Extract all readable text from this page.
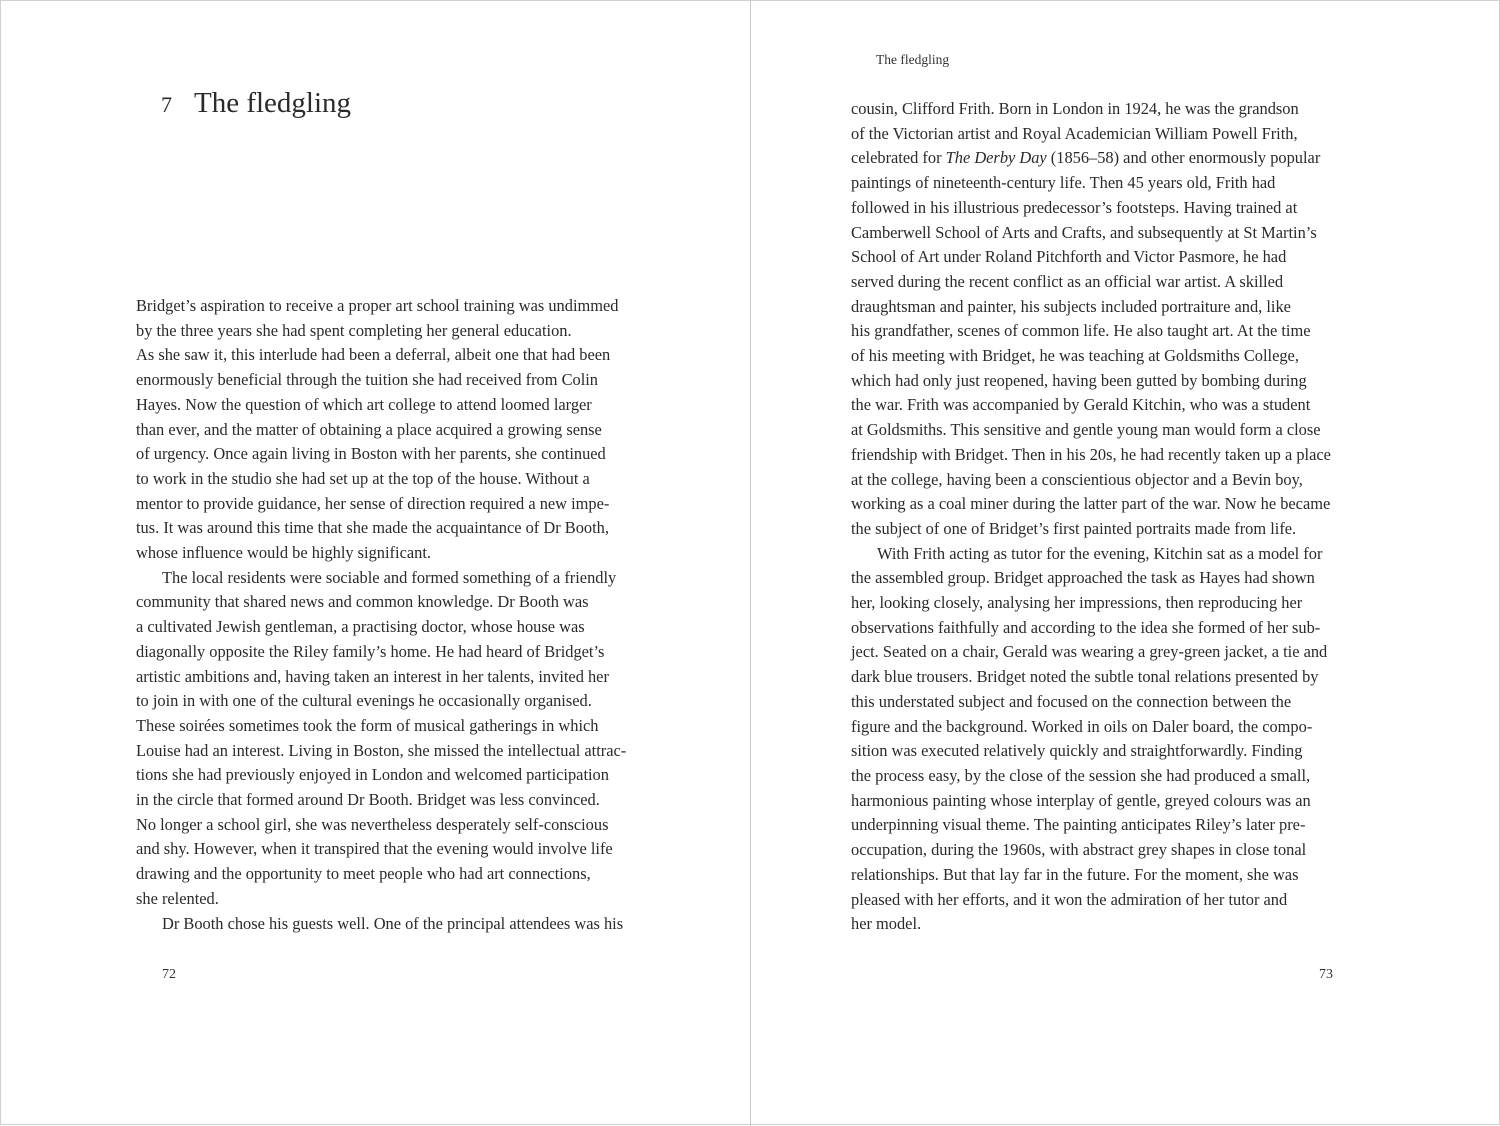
7 The fledgling
Bridget’s aspiration to receive a proper art school training was undimmed
by the three years she had spent completing her general education.
As she saw it, this interlude had been a deferral, albeit one that had been
enormously beneficial through the tuition she had received from Colin
Hayes. Now the question of which art college to attend loomed larger
than ever, and the matter of obtaining a place acquired a growing sense
of urgency. Once again living in Boston with her parents, she continued
to work in the studio she had set up at the top of the house. Without a
mentor to provide guidance, her sense of direction required a new impe-
tus. It was around this time that she made the acquaintance of Dr Booth,
whose influence would be highly significant.
The local residents were sociable and formed something of a friendly
community that shared news and common knowledge. Dr Booth was
a cultivated Jewish gentleman, a practising doctor, whose house was
diagonally opposite the Riley family’s home. He had heard of Bridget’s
artistic ambitions and, having taken an interest in her talents, invited her
to join in with one of the cultural evenings he occasionally organised.
These soirées sometimes took the form of musical gatherings in which
Louise had an interest. Living in Boston, she missed the intellectual attrac-
tions she had previously enjoyed in London and welcomed participation
in the circle that formed around Dr Booth. Bridget was less convinced.
No longer a school girl, she was nevertheless desperately self-conscious
and shy. However, when it transpired that the evening would involve life
drawing and the opportunity to meet people who had art connections,
she relented.
Dr Booth chose his guests well. One of the principal attendees was his
72
The fledgling
cousin, Clifford Frith. Born in London in 1924, he was the grandson
of the Victorian artist and Royal Academician William Powell Frith,
celebrated for The Derby Day (1856–58) and other enormously popular
paintings of nineteenth-century life. Then 45 years old, Frith had
followed in his illustrious predecessor’s footsteps. Having trained at
Camberwell School of Arts and Crafts, and subsequently at St Martin’s
School of Art under Roland Pitchforth and Victor Pasmore, he had
served during the recent conflict as an official war artist. A skilled
draughtsman and painter, his subjects included portraiture and, like
his grandfather, scenes of common life. He also taught art. At the time
of his meeting with Bridget, he was teaching at Goldsmiths College,
which had only just reopened, having been gutted by bombing during
the war. Frith was accompanied by Gerald Kitchin, who was a student
at Goldsmiths. This sensitive and gentle young man would form a close
friendship with Bridget. Then in his 20s, he had recently taken up a place
at the college, having been a conscientious objector and a Bevin boy,
working as a coal miner during the latter part of the war. Now he became
the subject of one of Bridget’s first painted portraits made from life.
With Frith acting as tutor for the evening, Kitchin sat as a model for
the assembled group. Bridget approached the task as Hayes had shown
her, looking closely, analysing her impressions, then reproducing her
observations faithfully and according to the idea she formed of her sub-
ject. Seated on a chair, Gerald was wearing a grey-green jacket, a tie and
dark blue trousers. Bridget noted the subtle tonal relations presented by
this understated subject and focused on the connection between the
figure and the background. Worked in oils on Daler board, the compo-
sition was executed relatively quickly and straightforwardly. Finding
the process easy, by the close of the session she had produced a small,
harmonious painting whose interplay of gentle, greyed colours was an
underpinning visual theme. The painting anticipates Riley’s later pre-
occupation, during the 1960s, with abstract grey shapes in close tonal
relationships. But that lay far in the future. For the moment, she was
pleased with her efforts, and it won the admiration of her tutor and
her model.
73
